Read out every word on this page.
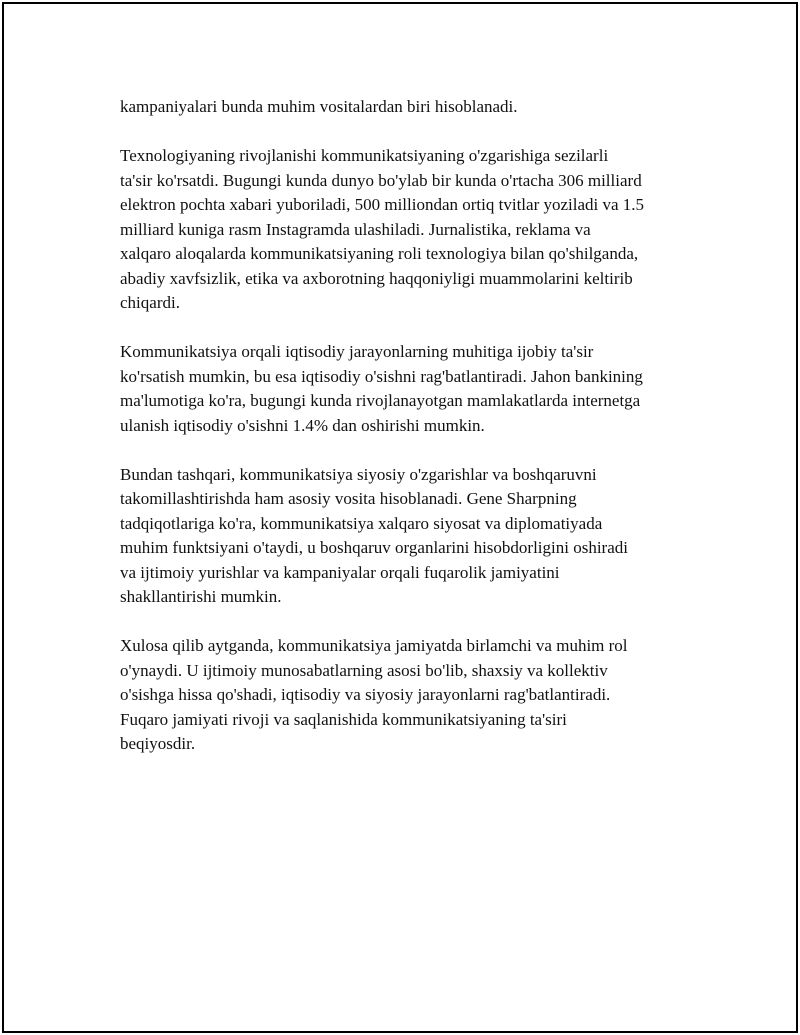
kampaniyalari bunda muhim vositalardan biri hisoblanadi.

Texnologiyaning rivojlanishi kommunikatsiyaning o'zgarishiga sezilarli
ta'sir ko'rsatdi. Bugungi kunda dunyo bo'ylab bir kunda o'rtacha 306 milliard
elektron pochta xabari yuboriladi, 500 milliondan ortiq tvitlar yoziladi va 1.5
milliard kuniga rasm Instagramda ulashiladi. Jurnalistika, reklama va
xalqaro aloqalarda kommunikatsiyaning roli texnologiya bilan qo'shilganda,
abadiy xavfsizlik, etika va axborotning haqqoniyligi muammolarini keltirib
chiqardi.

Kommunikatsiya orqali iqtisodiy jarayonlarning muhitiga ijobiy ta'sir
ko'rsatish mumkin, bu esa iqtisodiy o'sishni rag'batlantiradi. Jahon bankining
ma'lumotiga ko'ra, bugungi kunda rivojlanayotgan mamlakatlarda internetga
ulanish iqtisodiy o'sishni 1.4% dan oshirishi mumkin.

Bundan tashqari, kommunikatsiya siyosiy o'zgarishlar va boshqaruvni
takomillashtirishda ham asosiy vosita hisoblanadi. Gene Sharpning
tadqiqotlariga ko'ra, kommunikatsiya xalqaro siyosat va diplomatiyada
muhim funktsiyani o'taydi, u boshqaruv organlarini hisobdorligini oshiradi
va ijtimoiy yurishlar va kampaniyalar orqali fuqarolik jamiyatini
shakllantirishi mumkin.

Xulosa qilib aytganda, kommunikatsiya jamiyatda birlamchi va muhim rol
o'ynaydi. U ijtimoiy munosabatlarning asosi bo'lib, shaxsiy va kollektiv
o'sishga hissa qo'shadi, iqtisodiy va siyosiy jarayonlarni rag'batlantiradi.
Fuqaro jamiyati rivoji va saqlanishida kommunikatsiyaning ta'siri
beqiyosdir.
